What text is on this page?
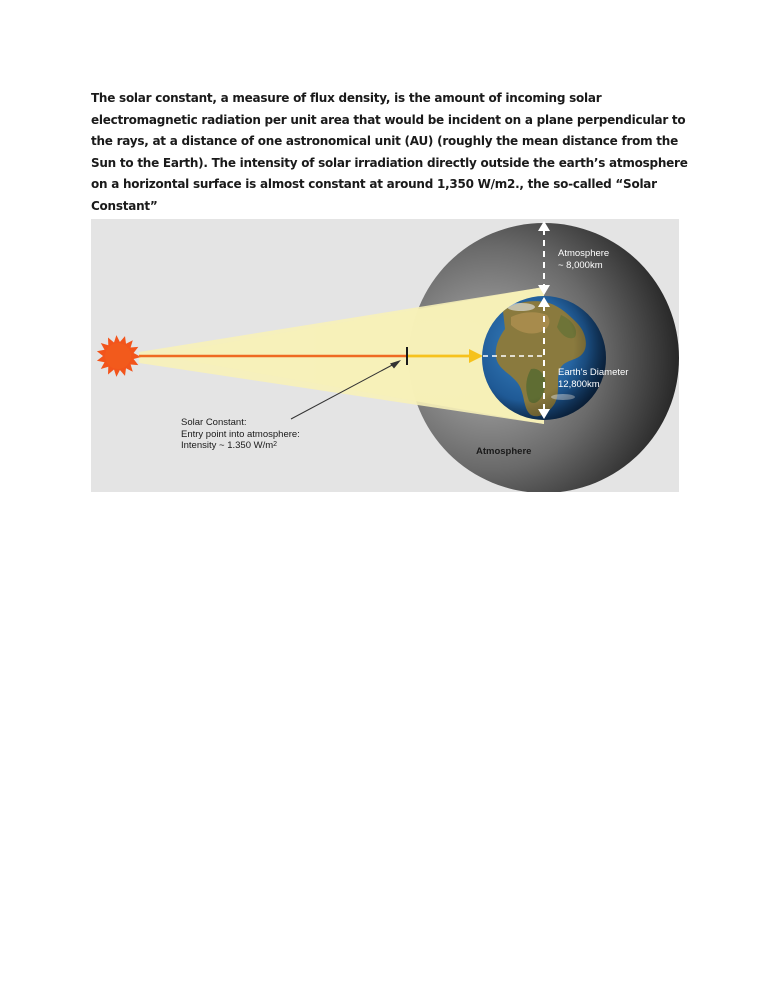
The solar constant, a measure of flux density, is the amount of incoming solar electromagnetic radiation per unit area that would be incident on a plane perpendicular to the rays, at a distance of one astronomical unit (AU) (roughly the mean distance from the Sun to the Earth). The intensity of solar irradiation directly outside the earth’s atmosphere on a horizontal surface is almost constant at around 1,350 W/m2., the so-called “Solar Constant”

Atmosphere
~ 8,000km

Earth's Diameter
12,800km

Solar Constant:
Entry point into atmosphere:
Intensity ~ 1.350 $W/m^2$

Atmosphere
